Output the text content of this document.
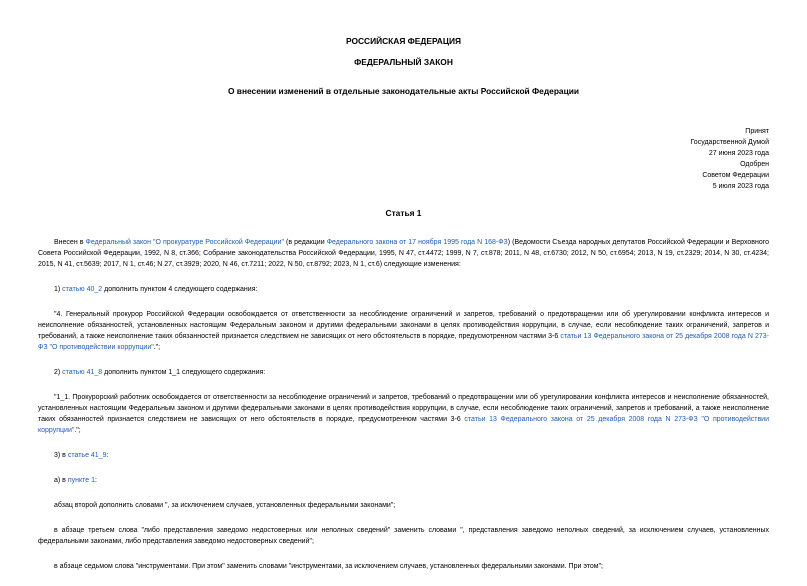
РОССИЙСКАЯ ФЕДЕРАЦИЯ
ФЕДЕРАЛЬНЫЙ ЗАКОН
О внесении изменений в отдельные законодательные акты Российской Федерации
Принят
Государственной Думой
27 июня 2023 года
Одобрен
Советом Федерации
5 июля 2023 года
Статья 1

Внесен в Федеральный закон "О прокуратуре Российской Федерации" (в редакции Федерального закона от 17 ноября 1995 года N 168-ФЗ) (Ведомости Съезда народных депутатов Российской Федерации и Верховного Совета Российской Федерации, 1992, N 8, ст.366; Собрание законодательства Российской Федерации, 1995, N 47, ст.4472; 1999, N 7, ст.878; 2011, N 48, ст.6730; 2012, N 50, ст.6954; 2013, N 19, ст.2329; 2014, N 30, ст.4234; 2015, N 41, ст.5639; 2017, N 1, ст.46; N 27, ст.3929; 2020, N 46, ст.7211; 2022, N 50, ст.8792; 2023, N 1, ст.6) следующие изменения:

1) статью 40_2 дополнить пунктом 4 следующего содержания:

"4. Генеральный прокурор Российской Федерации освобождается от ответственности за несоблюдение ограничений и запретов, требований о предотвращении или об урегулировании конфликта интересов и неисполнение обязанностей, установленных настоящим Федеральным законом и другими федеральными законами в целях противодействия коррупции, в случае, если несоблюдение таких ограничений, запретов и требований, а также неисполнение таких обязанностей признается следствием не зависящих от него обстоятельств в порядке, предусмотренном частями 3-6 статьи 13 Федерального закона от 25 декабря 2008 года N 273-ФЗ "О противодействии коррупции".";

2) статью 41_8 дополнить пунктом 1_1 следующего содержания:

"1_1. Прокурорский работник освобождается от ответственности за несоблюдение ограничений и запретов, требований о предотвращении или об урегулировании конфликта интересов и неисполнение обязанностей, установленных настоящим Федеральным законом и другими федеральными законами в целях противодействия коррупции, в случае, если несоблюдение таких ограничений, запретов и требований, а также неисполнение таких обязанностей признается следствием не зависящих от него обстоятельств в порядке, предусмотренном частями 3-6 статьи 13 Федерального закона от 25 декабря 2008 года N 273-ФЗ "О противодействии коррупции".";

3) в статье 41_9:

а) в пункте 1:

абзац второй дополнить словами ", за исключением случаев, установленных федеральными законами";

в абзаце третьем слова "либо представления заведомо недостоверных или неполных сведений" заменить словами ", представления заведомо неполных сведений, за исключением случаев, установленных федеральными законами, либо представления заведомо недостоверных сведений";

в абзаце седьмом слова "инструментами. При этом" заменить словами "инструментами, за исключением случаев, установленных федеральными законами. При этом";
